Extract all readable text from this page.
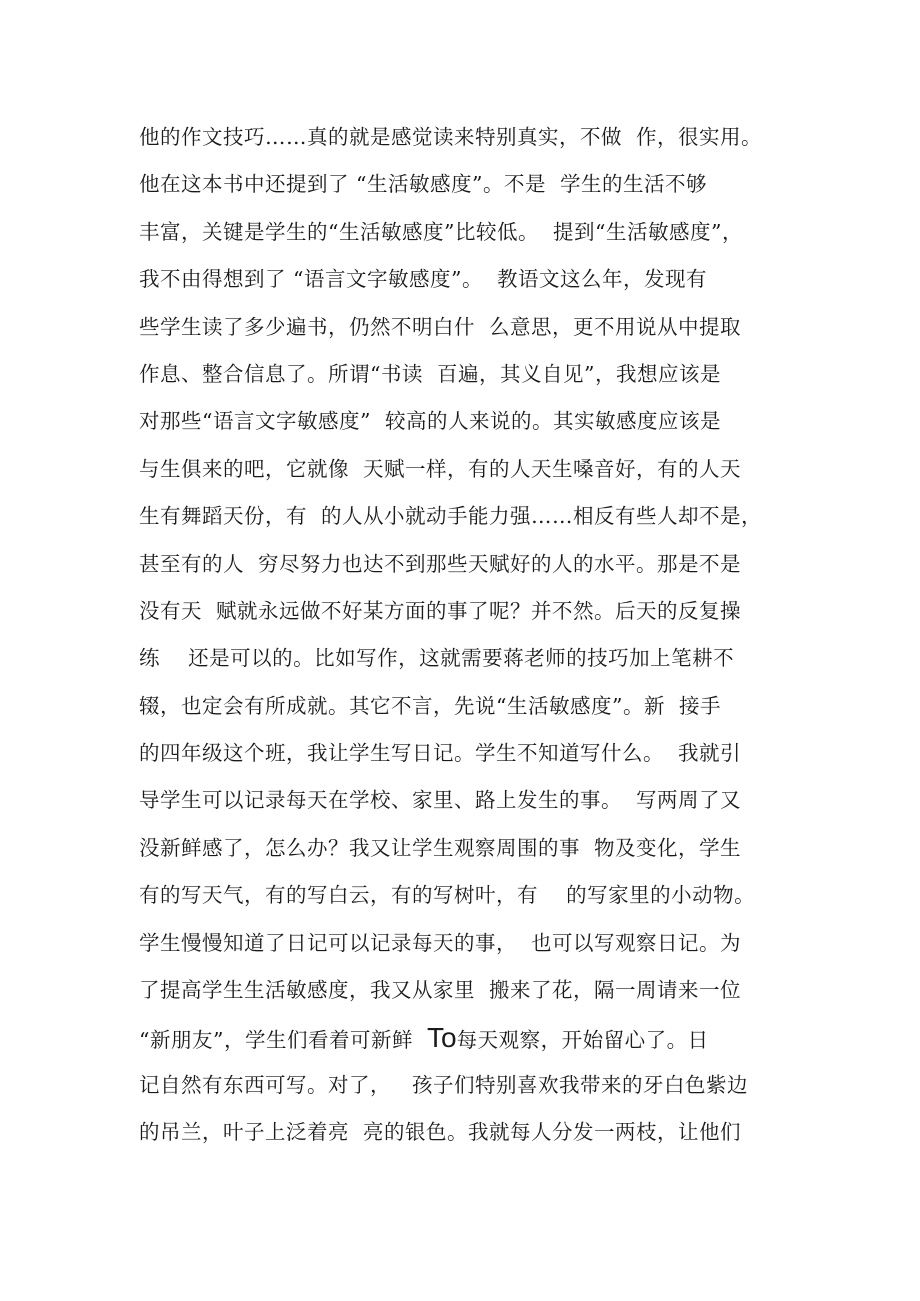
他的作文技巧……真的就是感觉读来特别真实，不做  作，很实用。
他在这本书中还提到了 “生活敏感度”。不是  学生的生活不够
丰富，关键是学生的“生活敏感度”比较低。  提到“生活敏感度”，
我不由得想到了 “语言文字敏感度”。  教语文这么年，发现有
些学生读了多少遍书，仍然不明白什  么意思，更不用说从中提取
作息、整合信息了。所谓“书读  百遍，其义自见”，我想应该是
对那些“语言文字敏感度”  较高的人来说的。其实敏感度应该是
与生俱来的吧，它就像  天赋一样，有的人天生嗓音好，有的人天
生有舞蹈天份，有  的人从小就动手能力强……相反有些人却不是，
甚至有的人  穷尽努力也达不到那些天赋好的人的水平。那是不是
没有天  赋就永远做不好某方面的事了呢？并不然。后天的反复操
练    还是可以的。比如写作，这就需要蒋老师的技巧加上笔耕不
辍，也定会有所成就。其它不言，先说“生活敏感度”。新  接手
的四年级这个班，我让学生写日记。学生不知道写什么。  我就引
导学生可以记录每天在学校、家里、路上发生的事。  写两周了又
没新鲜感了，怎么办？我又让学生观察周围的事  物及变化，学生
有的写天气，有的写白云，有的写树叶，有    的写家里的小动物。
学生慢慢知道了日记可以记录每天的事，  也可以写观察日记。为
了提高学生生活敏感度，我又从家里  搬来了花，隔一周请来一位
“新朋友”，学生们看着可新鲜  To每天观察，开始留心了。日
记自然有东西可写。对了，   孩子们特别喜欢我带来的牙白色紫边
的吊兰，叶子上泛着亮  亮的银色。我就每人分发一两枝，让他们
